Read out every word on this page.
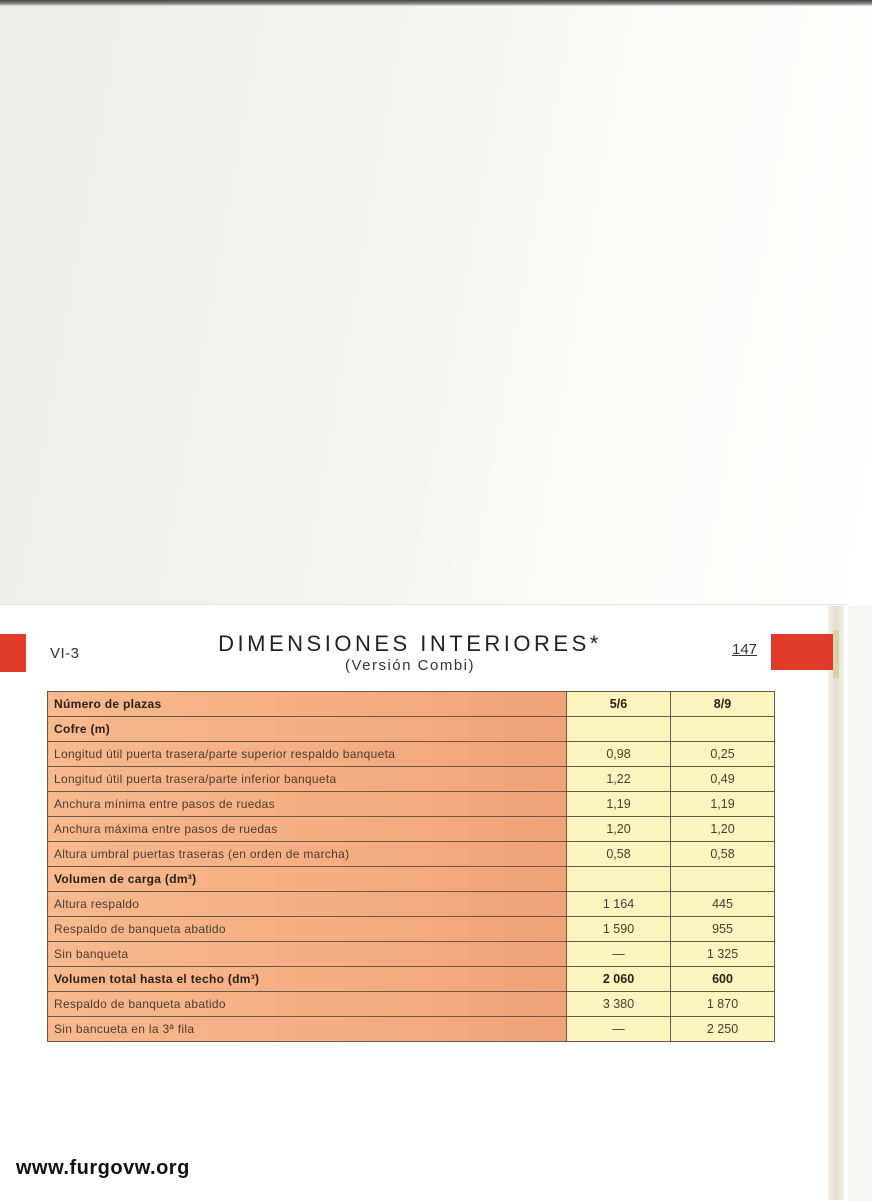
VI-3	DIMENSIONES INTERIORES*
(Versión Combi)
147
Número de plazas	5/6	8/9
Cofre (m)		
Longitud útil puerta trasera/parte superior respaldo banqueta	0,98	0,25
Longitud útil puerta trasera/parte inferior banqueta	1,22	0,49
Anchura mínima entre pasos de ruedas	1,19	1,19
Anchura máxima entre pasos de ruedas	1,20	1,20
Altura umbral puertas traseras (en orden de marcha)	0,58	0,58
Volumen de carga (dm³)		
Altura respaldo	1 164	445
Respaldo de banqueta abatido	1 590	955
Sin banqueta	—	1 325
Volumen total hasta el techo (dm³)	2 060	600
Respaldo de banqueta abatido	3 380	1 870
Sin bancueta en la 3ª fila	—	2 250
www.furgovw.org
